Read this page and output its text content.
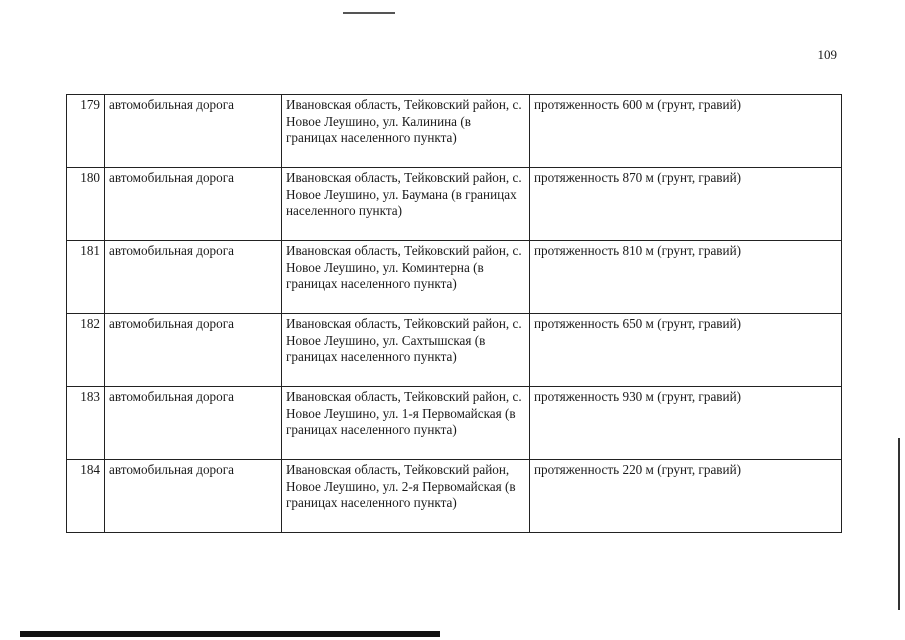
109
179	автомобильная дорога	Ивановская область, Тейковский район, с. Новое Леушино, ул. Калинина (в границах населенного пункта)	протяженность 600 м (грунт, гравий)
180	автомобильная дорога	Ивановская область, Тейковский район, с. Новое Леушино, ул. Баумана (в границах населенного пункта)	протяженность 870 м (грунт, гравий)
181	автомобильная дорога	Ивановская область, Тейковский район, с. Новое Леушино, ул. Коминтерна (в границах населенного пункта)	протяженность 810 м (грунт, гравий)
182	автомобильная дорога	Ивановская область, Тейковский район, с. Новое Леушино, ул. Сахтышская (в границах населенного пункта)	протяженность 650 м (грунт, гравий)
183	автомобильная дорога	Ивановская область, Тейковский район, с. Новое Леушино, ул. 1-я Первомайская (в границах населенного пункта)	протяженность 930 м (грунт, гравий)
184	автомобильная дорога	Ивановская область, Тейковский район, Новое Леушино, ул. 2-я Первомайская (в границах населенного пункта)	протяженность 220 м (грунт, гравий)
